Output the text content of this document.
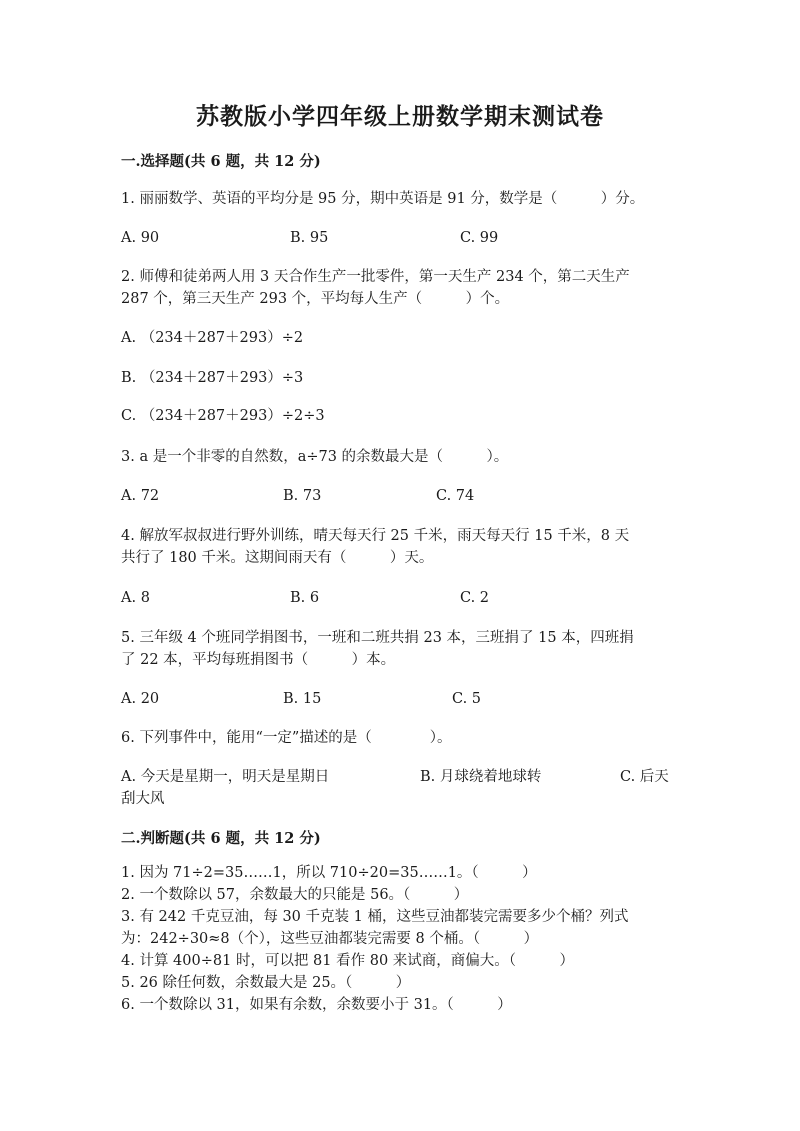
苏教版小学四年级上册数学期末测试卷
一.选择题(共 6 题，共 12 分)
1. 丽丽数学、英语的平均分是 95 分，期中英语是 91 分，数学是（　　　）分。
A. 90	B. 95	C. 99
2. 师傅和徒弟两人用 3 天合作生产一批零件，第一天生产 234 个，第二天生产
287 个，第三天生产 293 个，平均每人生产（　　　）个。
A. （234＋287＋293）÷2
B. （234＋287＋293）÷3
C. （234＋287＋293）÷2÷3
3. a 是一个非零的自然数，a÷73 的余数最大是（　　　）。
A. 72	B. 73	C. 74
4. 解放军叔叔进行野外训练，晴天每天行 25 千米，雨天每天行 15 千米，8 天
共行了 180 千米。这期间雨天有（　　　）天。
A. 8	B. 6	C. 2
5. 三年级 4 个班同学捐图书，一班和二班共捐 23 本，三班捐了 15 本，四班捐
了 22 本，平均每班捐图书（　　　）本。
A. 20	B. 15	C. 5
6. 下列事件中，能用“一定”描述的是（　　　　）。
A. 今天是星期一，明天是星期日	B. 月球绕着地球转	C. 后天
刮大风
二.判断题(共 6 题，共 12 分)
1. 因为 71÷2=35……1，所以 710÷20=35……1。（　　　）
2. 一个数除以 57，余数最大的只能是 56。（　　　）
3. 有 242 千克豆油，每 30 千克装 1 桶，这些豆油都装完需要多少个桶？列式
为：242÷30≈8（个），这些豆油都装完需要 8 个桶。（　　　）
4. 计算 400÷81 时，可以把 81 看作 80 来试商，商偏大。（　　　）
5. 26 除任何数，余数最大是 25。（　　　）
6. 一个数除以 31，如果有余数，余数要小于 31。（　　　）
